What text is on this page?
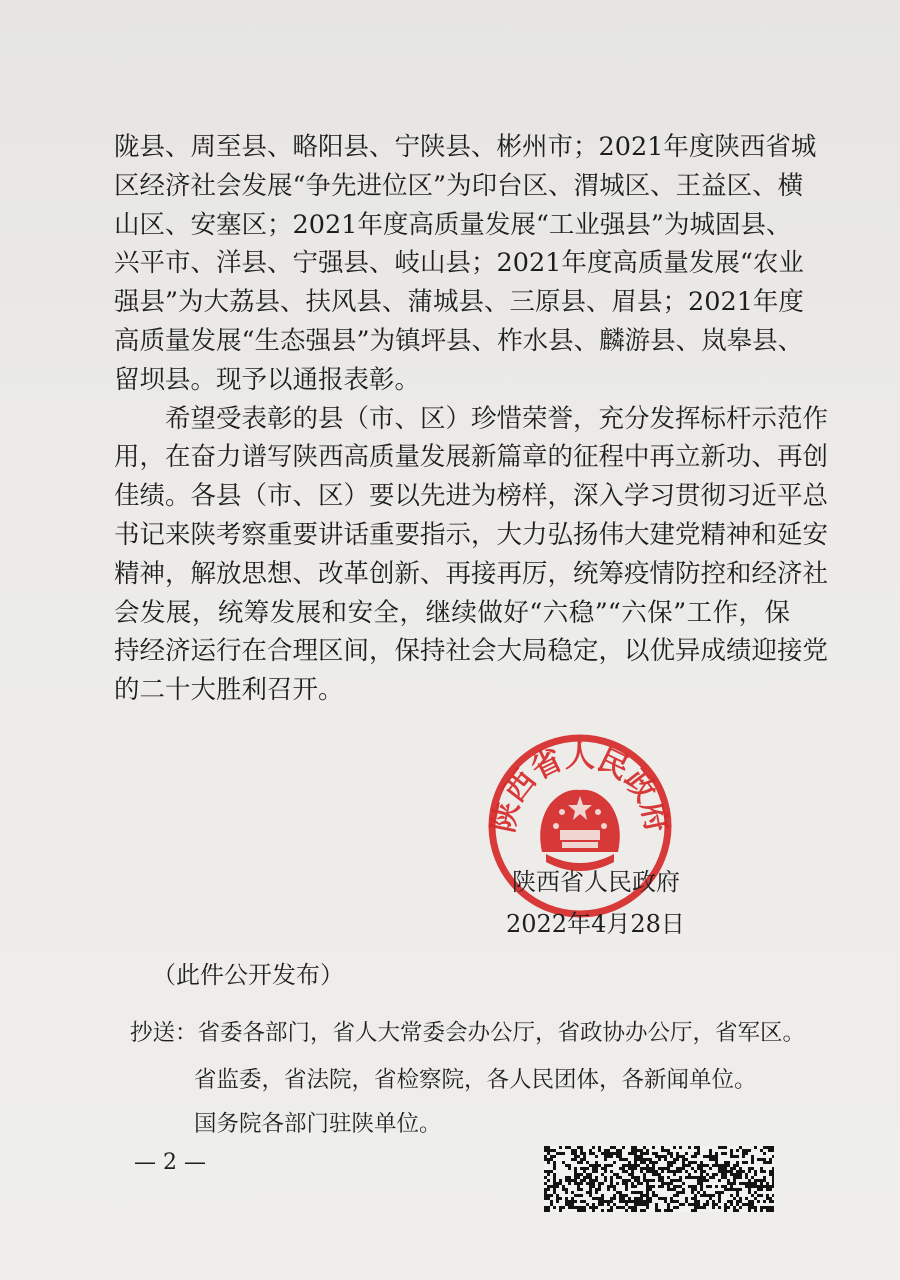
陇县、周至县、略阳县、宁陕县、彬州市；2021年度陕西省城
区经济社会发展“争先进位区”为印台区、渭城区、王益区、横
山区、安塞区；2021年度高质量发展“工业强县”为城固县、
兴平市、洋县、宁强县、岐山县；2021年度高质量发展“农业
强县”为大荔县、扶风县、蒲城县、三原县、眉县；2021年度
高质量发展“生态强县”为镇坪县、柞水县、麟游县、岚皋县、
留坝县。现予以通报表彰。
　　希望受表彰的县（市、区）珍惜荣誉，充分发挥标杆示范作
用，在奋力谱写陕西高质量发展新篇章的征程中再立新功、再创
佳绩。各县（市、区）要以先进为榜样，深入学习贯彻习近平总
书记来陕考察重要讲话重要指示，大力弘扬伟大建党精神和延安
精神，解放思想、改革创新、再接再厉，统筹疫情防控和经济社
会发展，统筹发展和安全，继续做好“六稳”“六保”工作，保
持经济运行在合理区间，保持社会大局稳定，以优异成绩迎接党
的二十大胜利召开。
陕西省人民政府
陕西省人民政府
2022年4月28日
（此件公开发布）
抄送：省委各部门，省人大常委会办公厅，省政协办公厅，省军区。
省监委，省法院，省检察院，各人民团体，各新闻单位。
国务院各部门驻陕单位。
— 2 —
